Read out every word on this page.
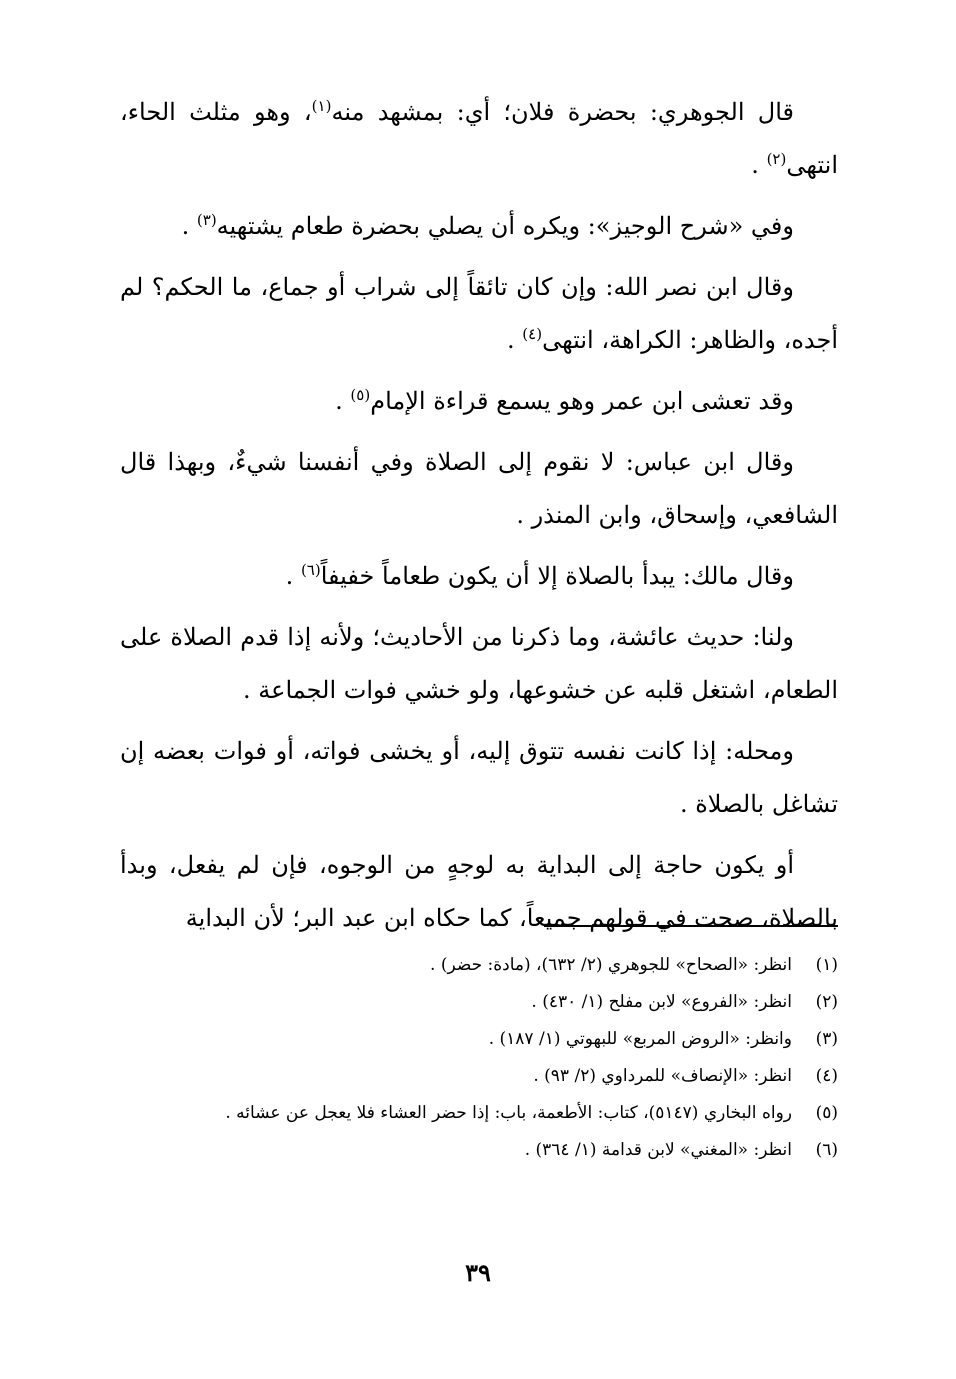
قال الجوهري: بحضرة فلان؛ أي: بمشهد منه$^{(١)}$، وهو مثلث الحاء، انتهى$^{(٢)}$ .

وفي «شرح الوجيز»: ويكره أن يصلي بحضرة طعام يشتهيه$^{(٣)}$ .

وقال ابن نصر الله: وإن كان تائقاً إلى شراب أو جماع، ما الحكم؟ لم أجده، والظاهر: الكراهة، انتهى$^{(٤)}$ .

وقد تعشى ابن عمر وهو يسمع قراءة الإمام$^{(٥)}$ .

وقال ابن عباس: لا نقوم إلى الصلاة وفي أنفسنا شيءٌ، وبهذا قال الشافعي، وإسحاق، وابن المنذر .

وقال مالك: يبدأ بالصلاة إلا أن يكون طعاماً خفيفاً$^{(٦)}$ .

ولنا: حديث عائشة، وما ذكرنا من الأحاديث؛ ولأنه إذا قدم الصلاة على الطعام، اشتغل قلبه عن خشوعها، ولو خشي فوات الجماعة .

ومحله: إذا كانت نفسه تتوق إليه، أو يخشى فواته، أو فوات بعضه إن تشاغل بالصلاة .

أو يكون حاجة إلى البداية به لوجهٍ من الوجوه، فإن لم يفعل، وبدأ بالصلاة، صحت في قولهم جميعاً، كما حكاه ابن عبد البر؛ لأن البداية

(١)
انظر: «الصحاح» للجوهري (٢/ ٦٣٢)، (مادة: حضر) .
(٢)
انظر: «الفروع» لابن مفلح (١/ ٤٣٠) .
(٣)
وانظر: «الروض المربع» للبهوتي (١/ ١٨٧) .
(٤)
انظر: «الإنصاف» للمرداوي (٢/ ٩٣) .
(٥)
رواه البخاري (٥١٤٧)، كتاب: الأطعمة، باب: إذا حضر العشاء فلا يعجل عن عشائه .
(٦)
انظر: «المغني» لابن قدامة (١/ ٣٦٤) .
٣٩
